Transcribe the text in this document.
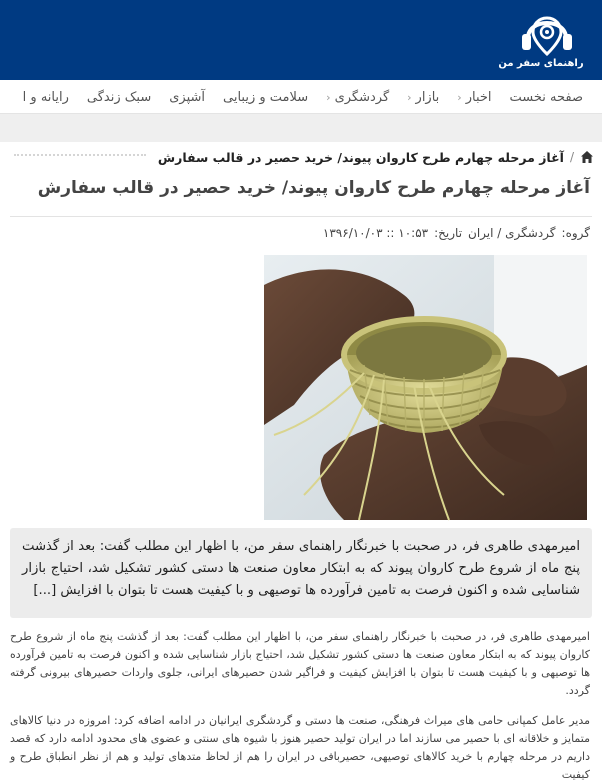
راهنمای سفر من
صفحه نخست
اخبار
‹
بازار
‹
گردشگری
‹
سلامت و زیبایی
آشپزی
سبک زندگی
رایانه و ا
/
آغاز مرحله چهارم طرح کاروان پیوند/ خرید حصیر در قالب سفارش
آغاز مرحله چهارم طرح کاروان پیوند/ خرید حصیر در قالب سفارش
گروه:
گردشگری / ایران
تاریخ:
۱۰:۵۳ :: ۱۳۹۶/۱۰/۰۳
امیرمهدی طاهری فر، در صحبت با خبرنگار راهنمای سفر من، با اظهار این مطلب گفت: بعد از گذشت پنج ماه از شروع طرح کاروان پیوند که به ابتکار معاون صنعت ها دستی کشور تشکیل شد، احتیاج بازار شناسایی شده و اکنون فرصت به تامین فرآورده ها توصیهی و با کیفیت هست تا بتوان با افزایش [...]

امیرمهدی طاهری فر، در صحبت با خبرنگار راهنمای سفر من، با اظهار این مطلب گفت: بعد از گذشت پنج ماه از شروع طرح کاروان پیوند که به ابتکار معاون صنعت ها دستی کشور تشکیل شد، احتیاج بازار شناسایی شده و اکنون فرصت به تامین فرآورده ها توصیهی و با کیفیت هست تا بتوان با افزایش کیفیت و فراگیر شدن حصیرهای ایرانی، جلوی واردات حصیرهای بیرونی گرفته گردد.

مدیر عامل کمپانی حامی های میراث فرهنگی، صنعت ها دستی و گردشگری ایرانیان در ادامه اضافه کرد: امروزه در دنیا کالاهای متمایز و خلاقانه ای با حصیر می سازند اما در ایران تولید حصیر هنوز با شیوه های سنتی و عضوی های محدود ادامه دارد که قصد داریم در مرحله چهارم با خرید کالاهای توصیهی، حصیربافی در ایران را هم از لحاظ متدهای تولید و هم از نظر انطباق طرح و کیفیت
